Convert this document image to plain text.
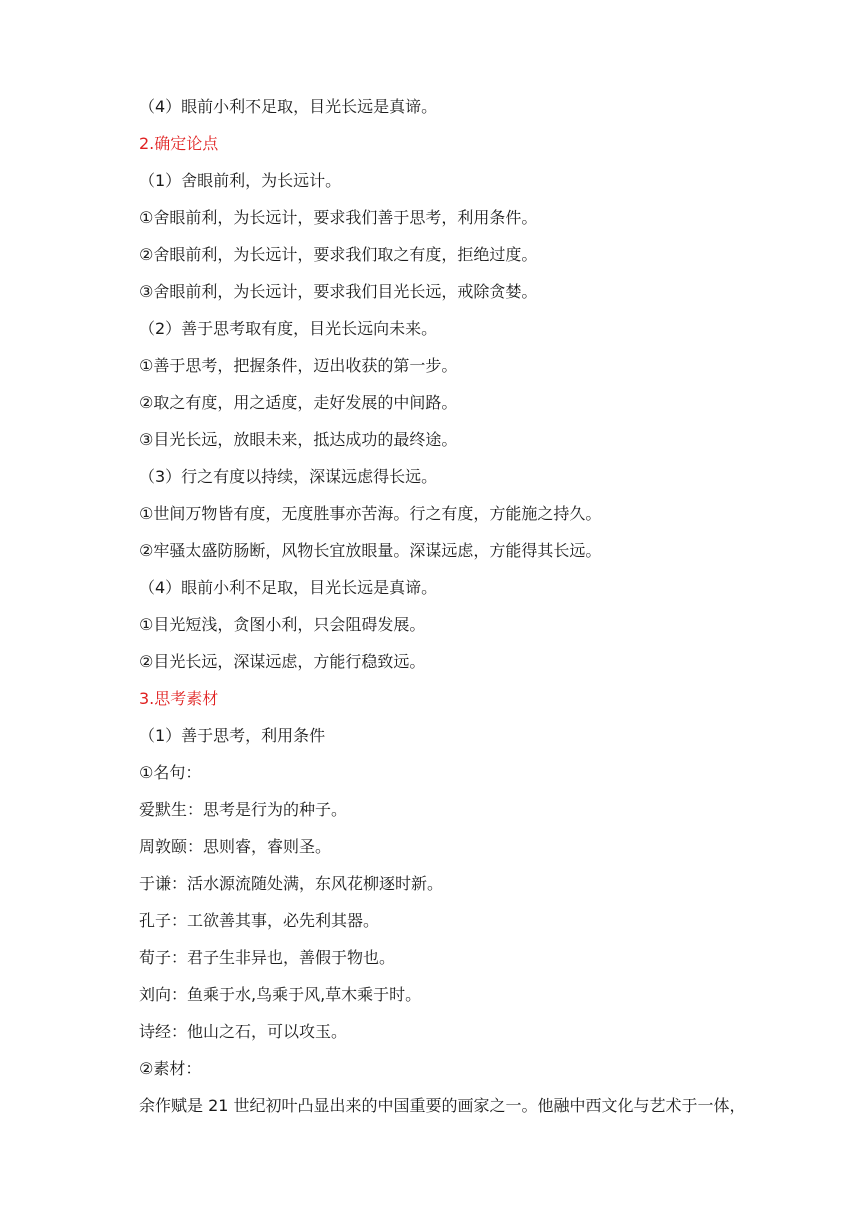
（4）眼前小利不足取，目光长远是真谛。
2.确定论点
（1）舍眼前利，为长远计。
①舍眼前利，为长远计，要求我们善于思考，利用条件。
②舍眼前利，为长远计，要求我们取之有度，拒绝过度。
③舍眼前利，为长远计，要求我们目光长远，戒除贪婪。
（2）善于思考取有度，目光长远向未来。
①善于思考，把握条件，迈出收获的第一步。
②取之有度，用之适度，走好发展的中间路。
③目光长远，放眼未来，抵达成功的最终途。
（3）行之有度以持续，深谋远虑得长远。
①世间万物皆有度，无度胜事亦苦海。行之有度，方能施之持久。
②牢骚太盛防肠断，风物长宜放眼量。深谋远虑，方能得其长远。
（4）眼前小利不足取，目光长远是真谛。
①目光短浅，贪图小利，只会阻碍发展。
②目光长远，深谋远虑，方能行稳致远。
3.思考素材
（1）善于思考，利用条件
①名句：
爱默生：思考是行为的种子。
周敦颐：思则睿，睿则圣。
于谦：活水源流随处满，东风花柳逐时新。
孔子：工欲善其事，必先利其器。
荀子：君子生非异也，善假于物也。
刘向：鱼乘于水,鸟乘于风,草木乘于时。
诗经：他山之石，可以攻玉。
②素材：
余作赋是 21 世纪初叶凸显出来的中国重要的画家之一。他融中西文化与艺术于一体，
